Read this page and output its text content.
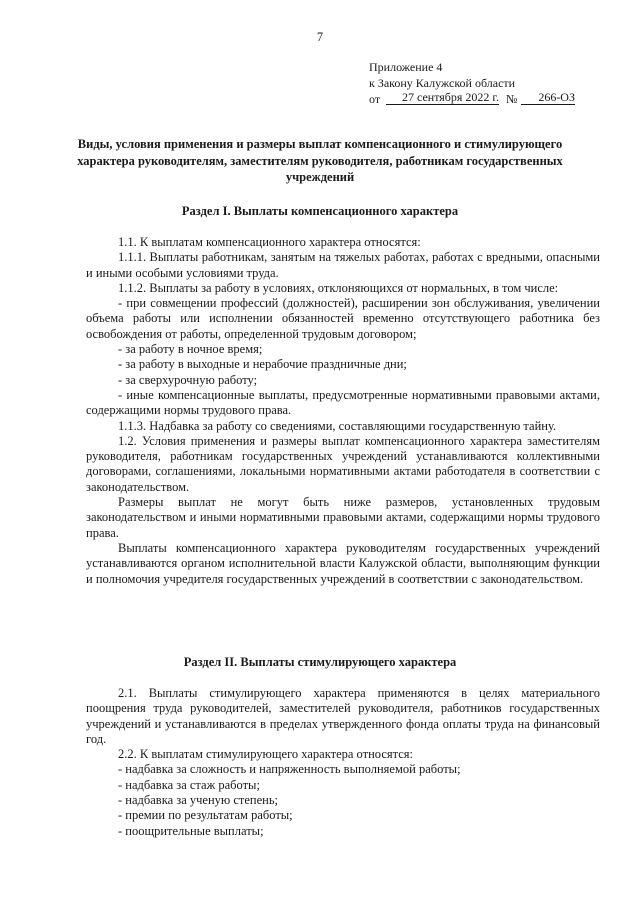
7
Приложение 4
к Закону Калужской области
от	27 сентября 2022 г. №	266-ОЗ
Виды, условия применения и размеры выплат компенсационного и стимулирующего характера руководителям, заместителям руководителя, работникам государственных учреждений
Раздел I. Выплаты компенсационного характера

1.1. К выплатам компенсационного характера относятся:

1.1.1. Выплаты работникам, занятым на тяжелых работах, работах с вредными, опасными и иными особыми условиями труда.

1.1.2. Выплаты за работу в условиях, отклоняющихся от нормальных, в том числе:

- при совмещении профессий (должностей), расширении зон обслуживания, увеличении объема работы или исполнении обязанностей временно отсутствующего работника без освобождения от работы, определенной трудовым договором;

- за работу в ночное время;

- за работу в выходные и нерабочие праздничные дни;

- за сверхурочную работу;

- иные компенсационные выплаты, предусмотренные нормативными правовыми актами, содержащими нормы трудового права.

1.1.3. Надбавка за работу со сведениями, составляющими государственную тайну.

1.2. Условия применения и размеры выплат компенсационного характера заместителям руководителя, работникам государственных учреждений устанавливаются коллективными договорами, соглашениями, локальными нормативными актами работодателя в соответствии с законодательством.

Размеры выплат не могут быть ниже размеров, установленных трудовым законодательством и иными нормативными правовыми актами, содержащими нормы трудового права.

Выплаты компенсационного характера руководителям государственных учреждений устанавливаются органом исполнительной власти Калужской области, выполняющим функции и полномочия учредителя государственных учреждений в соответствии с законодательством.

Раздел II. Выплаты стимулирующего характера

2.1. Выплаты стимулирующего характера применяются в целях материального поощрения труда руководителей, заместителей руководителя, работников государственных учреждений и устанавливаются в пределах утвержденного фонда оплаты труда на финансовый год.

2.2. К выплатам стимулирующего характера относятся:

- надбавка за сложность и напряженность выполняемой работы;

- надбавка за стаж работы;

- надбавка за ученую степень;

- премии по результатам работы;

- поощрительные выплаты;
